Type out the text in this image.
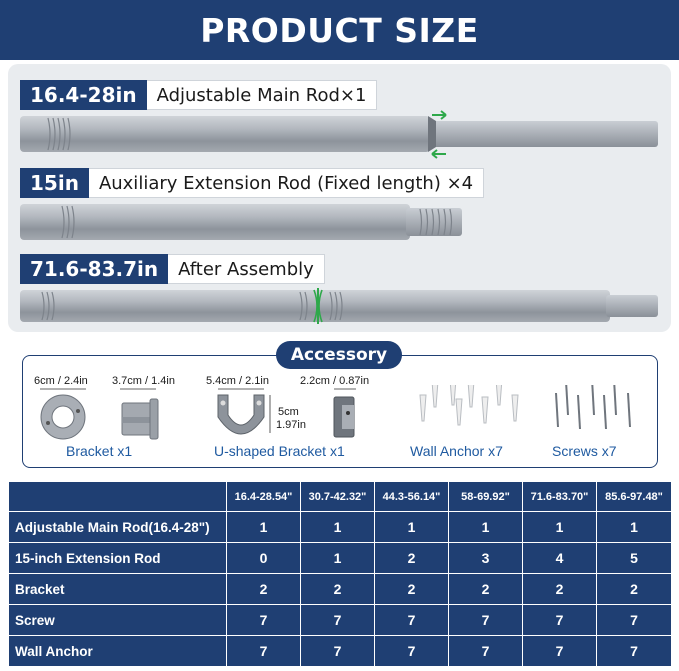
PRODUCT SIZE
16.4-28in	Adjustable Main Rod×1
15in	Auxiliary Extension Rod (Fixed length) ×4
71.6-83.7in	After Assembly
Accessory
6cm / 2.4in 3.7cm / 1.4in	5.4cm / 2.1in	2.2cm / 0.87in
5cm
1.97in
Bracket x1	U-shaped Bracket x1	Wall Anchor x7	Screws x7
	16.4-28.54"	30.7-42.32"	44.3-56.14"	58-69.92"	71.6-83.70"	85.6-97.48"
Adjustable Main Rod(16.4-28")	1	1	1	1	1	1
15-inch Extension Rod	0	1	2	3	4	5
Bracket	2	2	2	2	2	2
Screw	7	7	7	7	7	7
Wall Anchor	7	7	7	7	7	7
